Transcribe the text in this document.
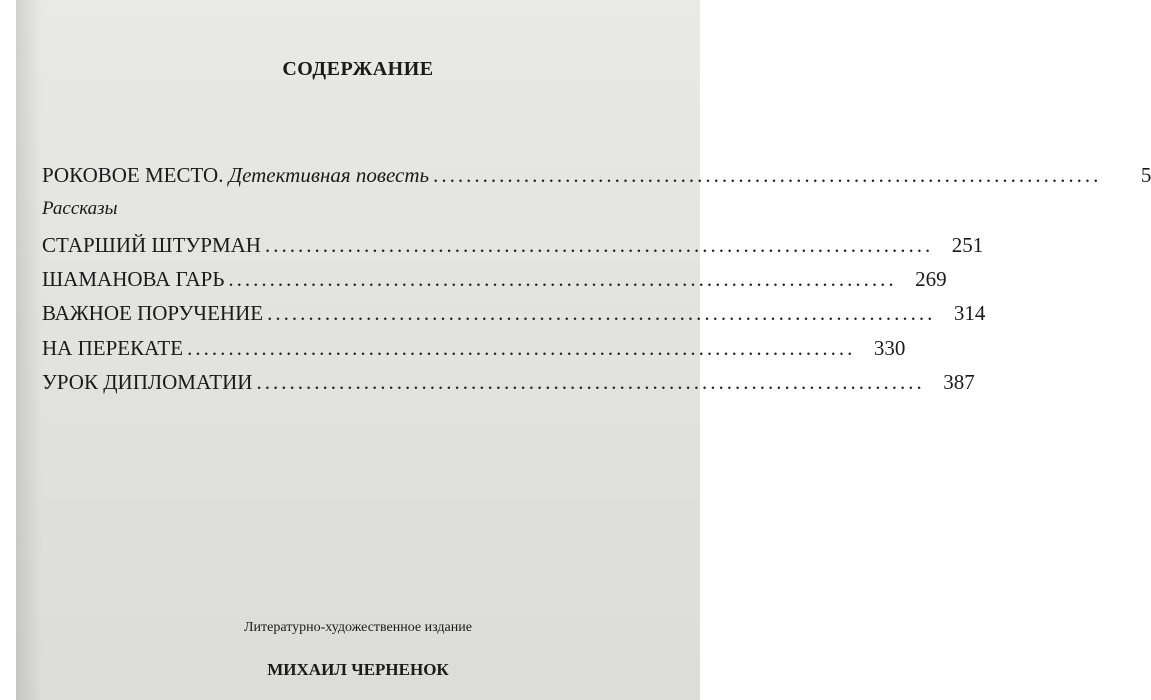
СОДЕРЖАНИЕ
РОКОВОЕ МЕСТО. Детективная повесть .................................................................................	5
Рассказы
СТАРШИЙ ШТУРМАН ................................................................................. 251
ШАМАНОВА ГАРЬ ................................................................................. 269
ВАЖНОЕ ПОРУЧЕНИЕ ................................................................................. 314
НА ПЕРЕКАТЕ ................................................................................. 330
УРОК ДИПЛОМАТИИ ................................................................................. 387
Литературно-художественное издание
МИХАИЛ ЧЕРНЕНОК
